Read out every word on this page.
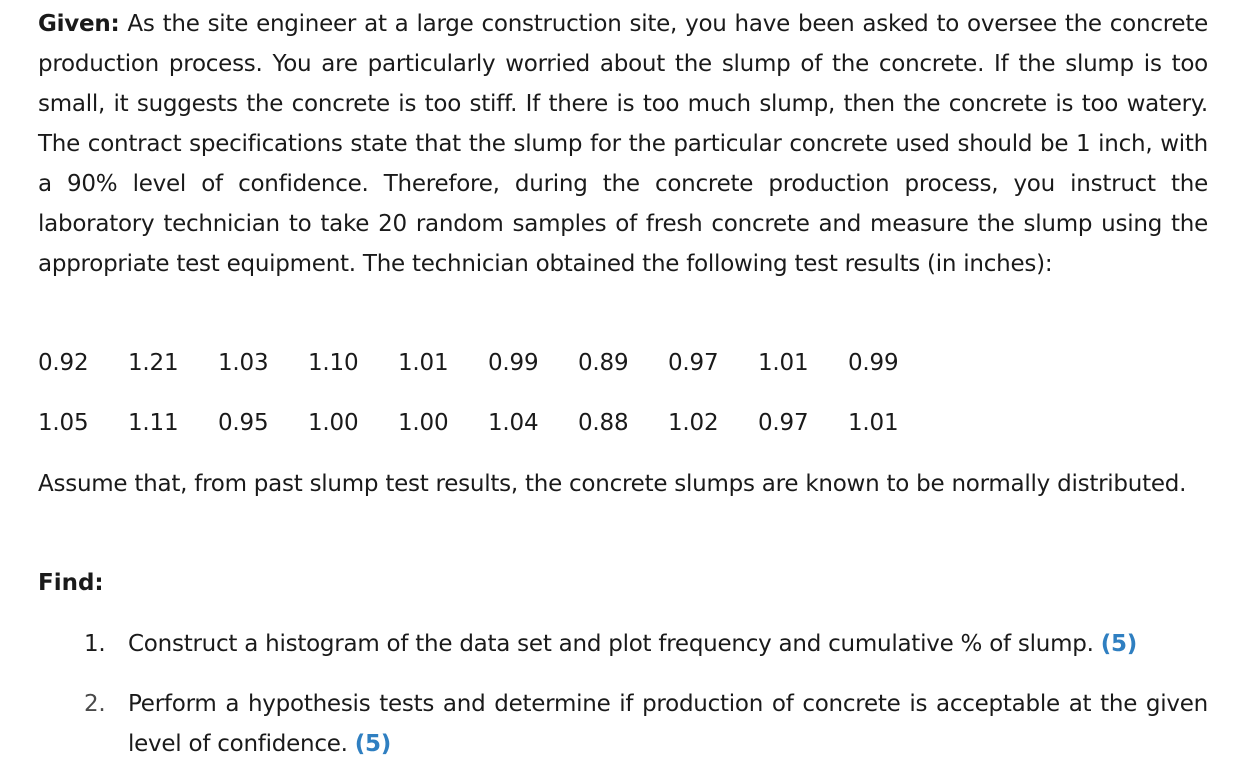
Given: As the site engineer at a large construction site, you have been asked to oversee the concrete production process. You are particularly worried about the slump of the concrete. If the slump is too small, it suggests the concrete is too stiff. If there is too much slump, then the concrete is too watery. The contract specifications state that the slump for the particular concrete used should be 1 inch, with a 90% level of confidence. Therefore, during the concrete production process, you instruct the laboratory technician to take 20 random samples of fresh concrete and measure the slump using the appropriate test equipment. The technician obtained the following test results (in inches):

0.92	1.21	1.03	1.10	1.01	0.99	0.89	0.97	1.01	0.99
1.05	1.11	0.95	1.00	1.00	1.04	0.88	1.02	0.97	1.01

Assume that, from past slump test results, the concrete slumps are known to be normally distributed.

Find:
1. Construct a histogram of the data set and plot frequency and cumulative % of slump. (5)
2. Perform a hypothesis tests and determine if production of concrete is acceptable at the given level of confidence. (5)
